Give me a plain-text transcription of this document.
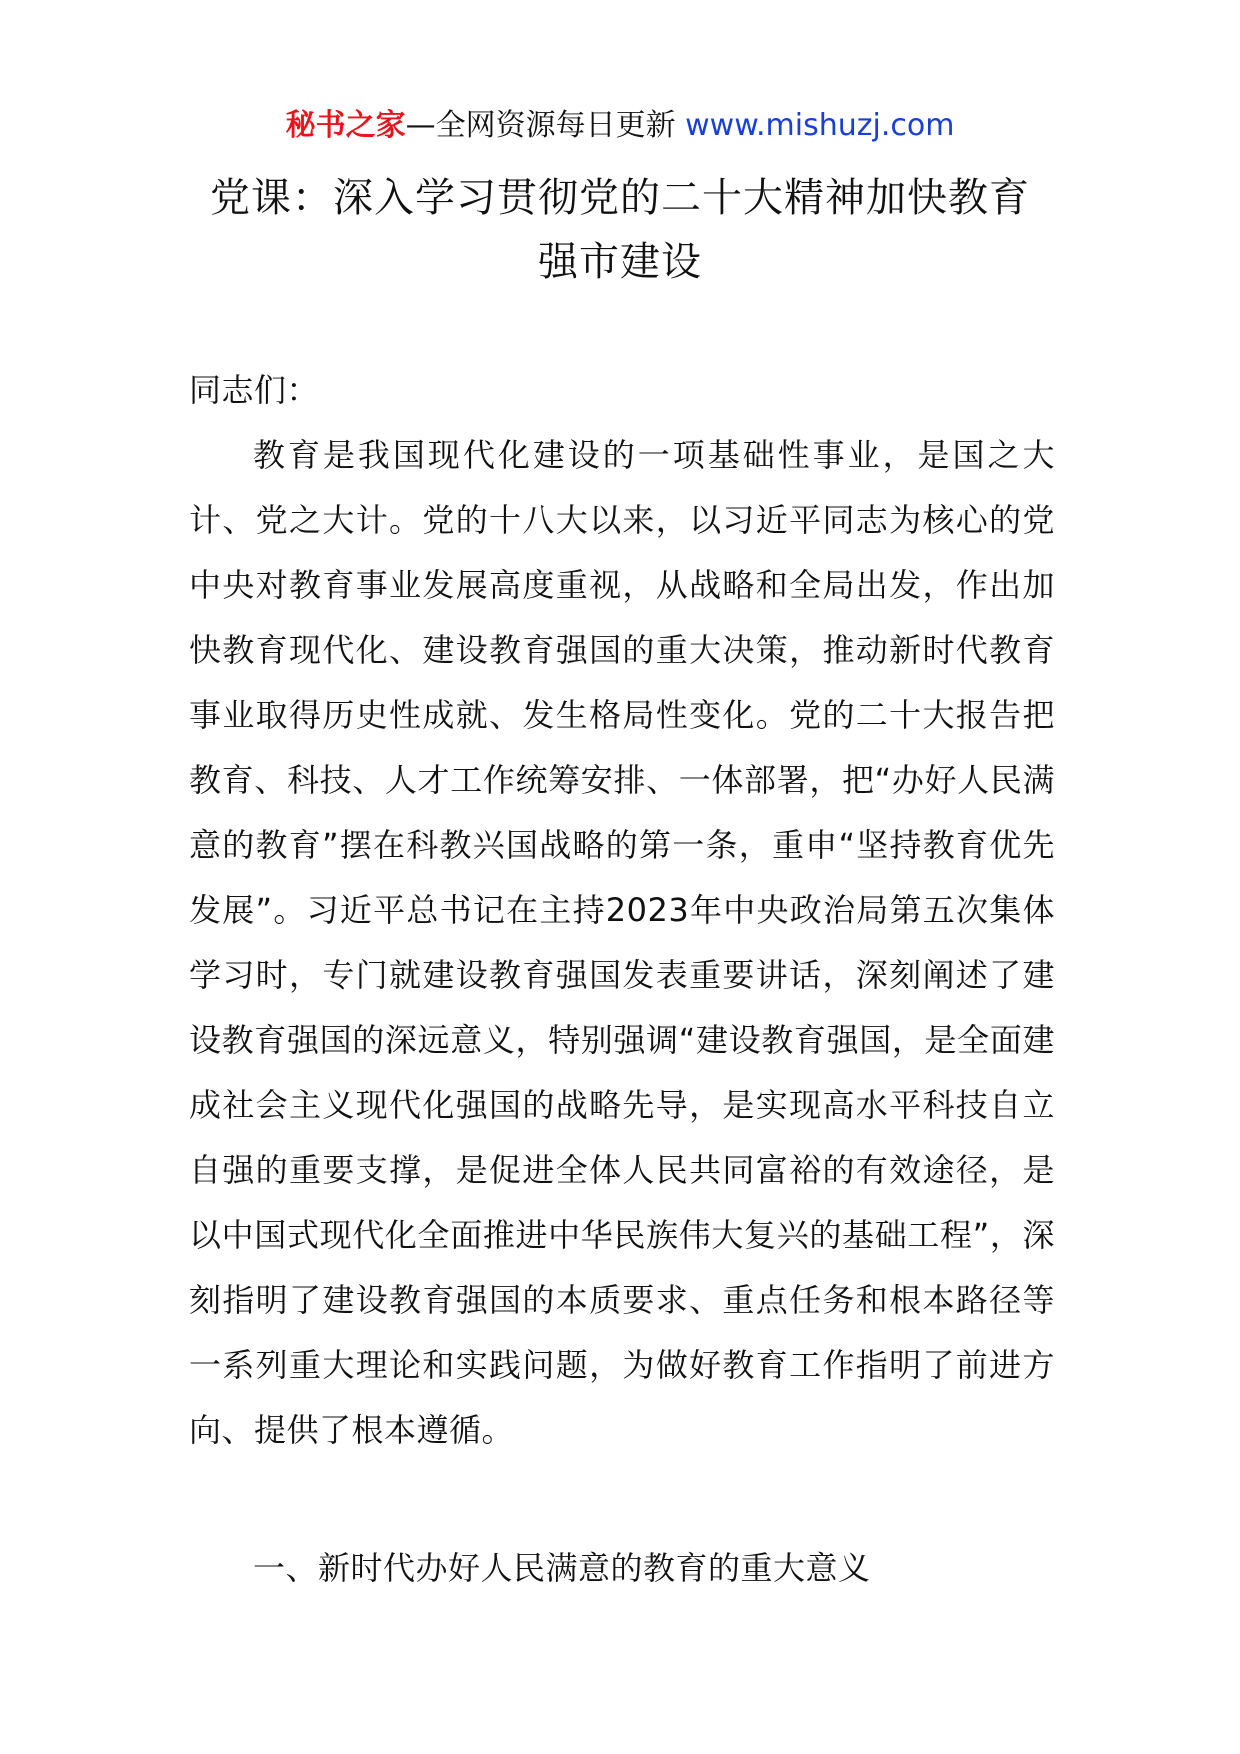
秘书之家—全网资源每日更新 www.mishuzj.com
党课：深入学习贯彻党的二十大精神加快教育强市建设

同志们：

教育是我国现代化建设的一项基础性事业，是国之大计、党之大计。党的十八大以来，以习近平同志为核心的党中央对教育事业发展高度重视，从战略和全局出发，作出加快教育现代化、建设教育强国的重大决策，推动新时代教育事业取得历史性成就、发生格局性变化。党的二十大报告把教育、科技、人才工作统筹安排、一体部署，把“办好人民满意的教育”摆在科教兴国战略的第一条，重申“坚持教育优先发展”。习近平总书记在主持2023年中央政治局第五次集体学习时，专门就建设教育强国发表重要讲话，深刻阐述了建设教育强国的深远意义，特别强调“建设教育强国，是全面建成社会主义现代化强国的战略先导，是实现高水平科技自立自强的重要支撑，是促进全体人民共同富裕的有效途径，是以中国式现代化全面推进中华民族伟大复兴的基础工程”，深刻指明了建设教育强国的本质要求、重点任务和根本路径等一系列重大理论和实践问题，为做好教育工作指明了前进方向、提供了根本遵循。

一、新时代办好人民满意的教育的重大意义
